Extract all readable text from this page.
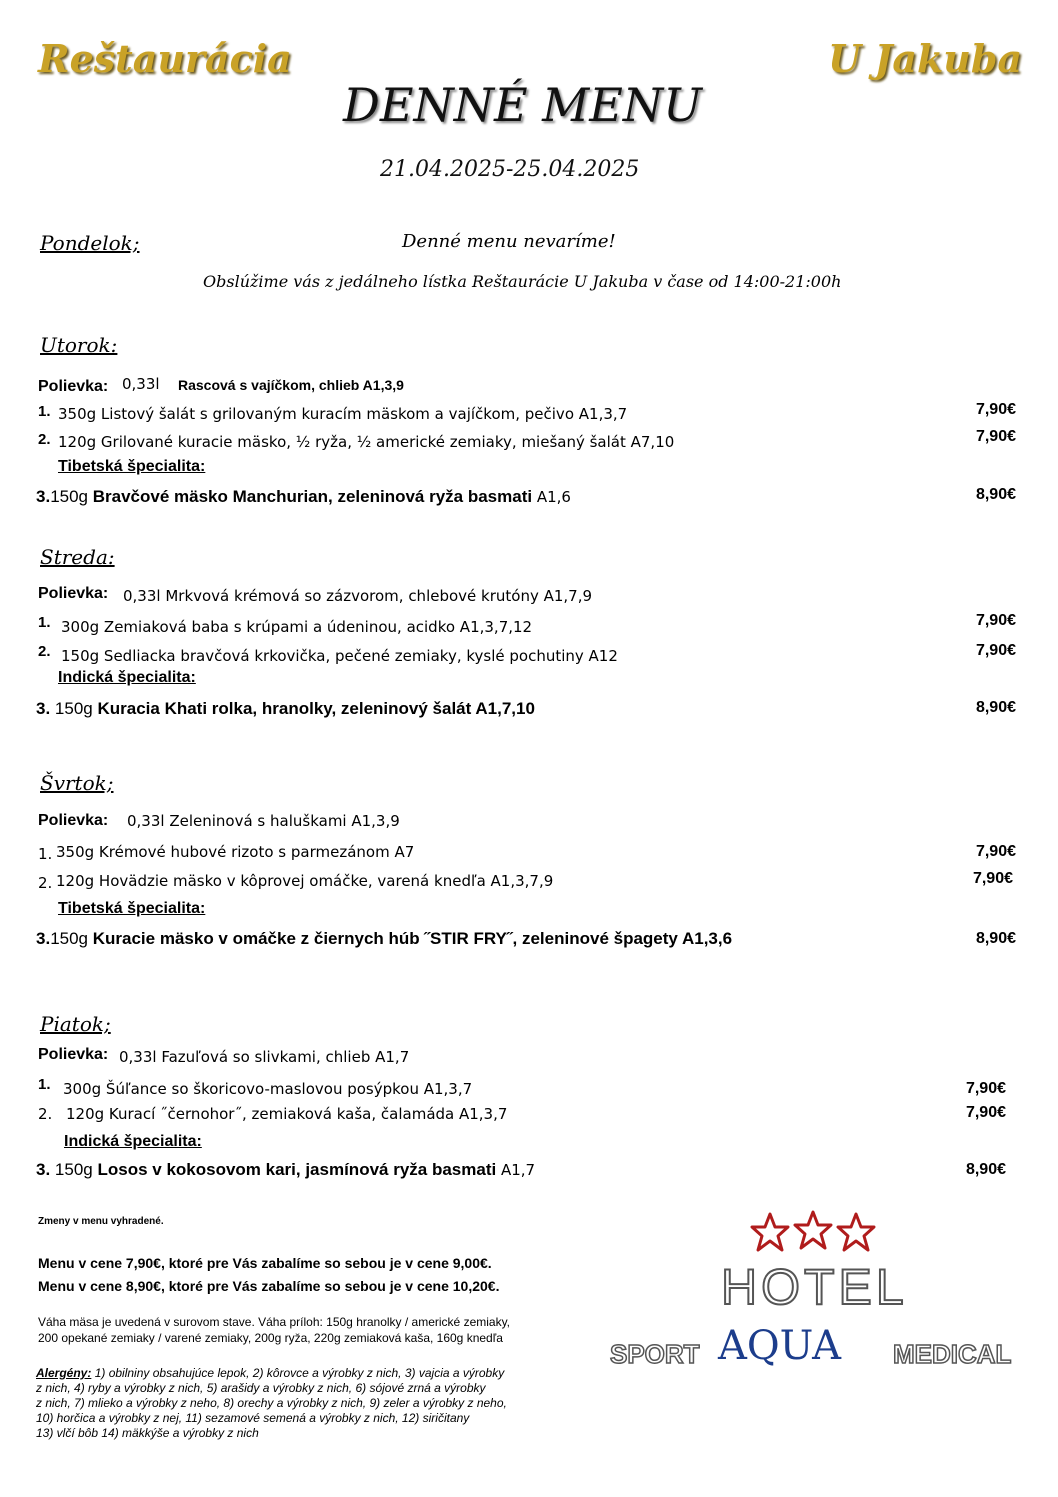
Reštaurácia	U Jakuba
DENNÉ MENU
21.04.2025-25.04.2025
Pondelok;	Denné menu nevaríme!
Obslúžime vás z jedálneho lístka Reštaurácie U Jakuba v čase od 14:00-21:00h
Utorok:
Polievka: 0,33l Rascová s vajíčkom, chlieb A1,3,9
1. 350g Listový šalát s grilovaným kuracím mäskom a vajíčkom, pečivo A1,3,7	7,90€
2. 120g Grilované kuracie mäsko, ½ ryža, ½ americké zemiaky, miešaný šalát A7,10	7,90€
Tibetská špecialita:
3.150g Bravčové mäsko Manchurian, zeleninová ryža basmati A1,6	8,90€
Streda:
Polievka: 0,33l Mrkvová krémová so zázvorom, chlebové krutóny A1,7,9
1. 300g Zemiaková baba s krúpami a údeninou, acidko A1,3,7,12	7,90€
2. 150g Sedliacka bravčová krkovička, pečené zemiaky, kyslé pochutiny A12	7,90€
Indická špecialita:
3. 150g Kuracia Khati rolka, hranolky, zeleninový šalát A1,7,10	8,90€
Švrtok;
Polievka: 0,33l Zeleninová s haluškami A1,3,9
1. 350g Krémové hubové rizoto s parmezánom A7	7,90€
2. 120g Hovädzie mäsko v kôprovej omáčke, varená knedľa A1,3,7,9	7,90€
Tibetská špecialita:
3.150g Kuracie mäsko v omáčke z čiernych húb ˝STIR FRY˝, zeleninové špagety A1,3,6	8,90€
Piatok;
Polievka: 0,33l Fazuľová so slivkami, chlieb A1,7
1. 300g Šúľance so škoricovo-maslovou posýpkou A1,3,7	7,90€
2. 120g Kurací ˝černohor˝, zemiaková kaša, čalamáda A1,3,7	7,90€
Indická špecialita:
3. 150g Losos v kokosovom kari, jasmínová ryža basmati A1,7	8,90€
Zmeny v menu vyhradené.
Menu v cene 7,90€, ktoré pre Vás zabalíme so sebou je v cene 9,00€.
Menu v cene 8,90€, ktoré pre Vás zabalíme so sebou je v cene 10,20€.
Váha mäsa je uvedená v surovom stave. Váha príloh: 150g hranolky / americké zemiaky,
200 opekané zemiaky / varené zemiaky, 200g ryža, 220g zemiaková kaša, 160g knedľa
Alergény: 1) obilniny obsahujúce lepok, 2) kôrovce a výrobky z nich, 3) vajcia a výrobky
z nich, 4) ryby a výrobky z nich, 5) arašidy a výrobky z nich, 6) sójové zrná a výrobky
z nich, 7) mlieko a výrobky z neho, 8) orechy a výrobky z nich, 9) zeler a výrobky z neho,
10) horčica a výrobky z nej, 11) sezamové semená a výrobky z nich, 12) siričitany
13) vlčí bôb 14) mäkkýše a výrobky z nich
HOTEL
SPORT AQUA MEDICAL
